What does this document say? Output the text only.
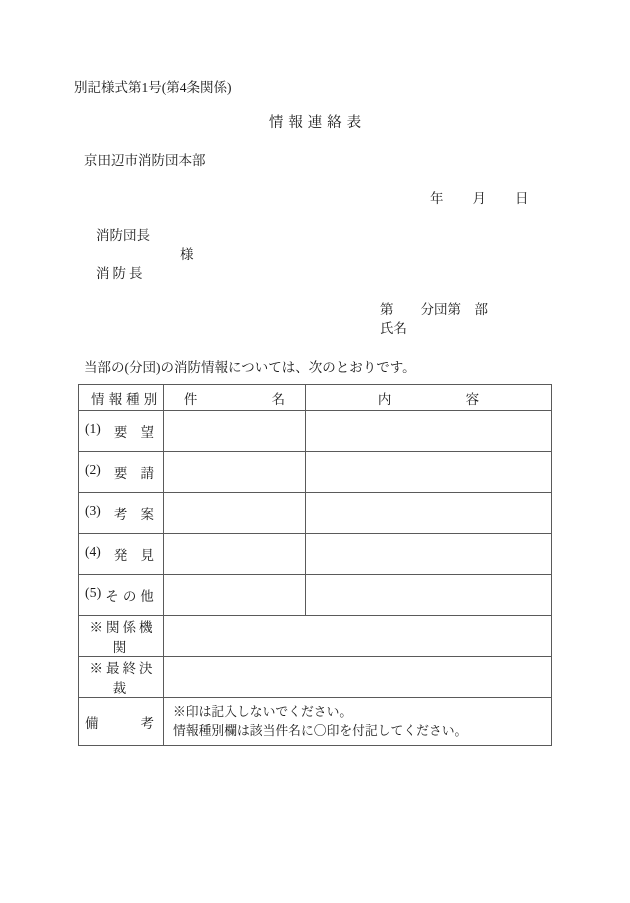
別記様式第1号(第4条関係)
情報連絡表
京田辺市消防団本部
年　　月　　日
消防団長
様
消防長
第　　分団第　部
氏名
当部の(分団)の消防情報については、次のとおりです。
情報種別	件　　　　名	内　　　　容

(1) 要 望		

(2) 要 請		

(3) 考 案		

(4) 発 見		

(5) そ の 他		

※関係機関		

※最終決裁		

備 考	※印は記入しないでください。
情報種別欄は該当件名に〇印を付記してください。	
